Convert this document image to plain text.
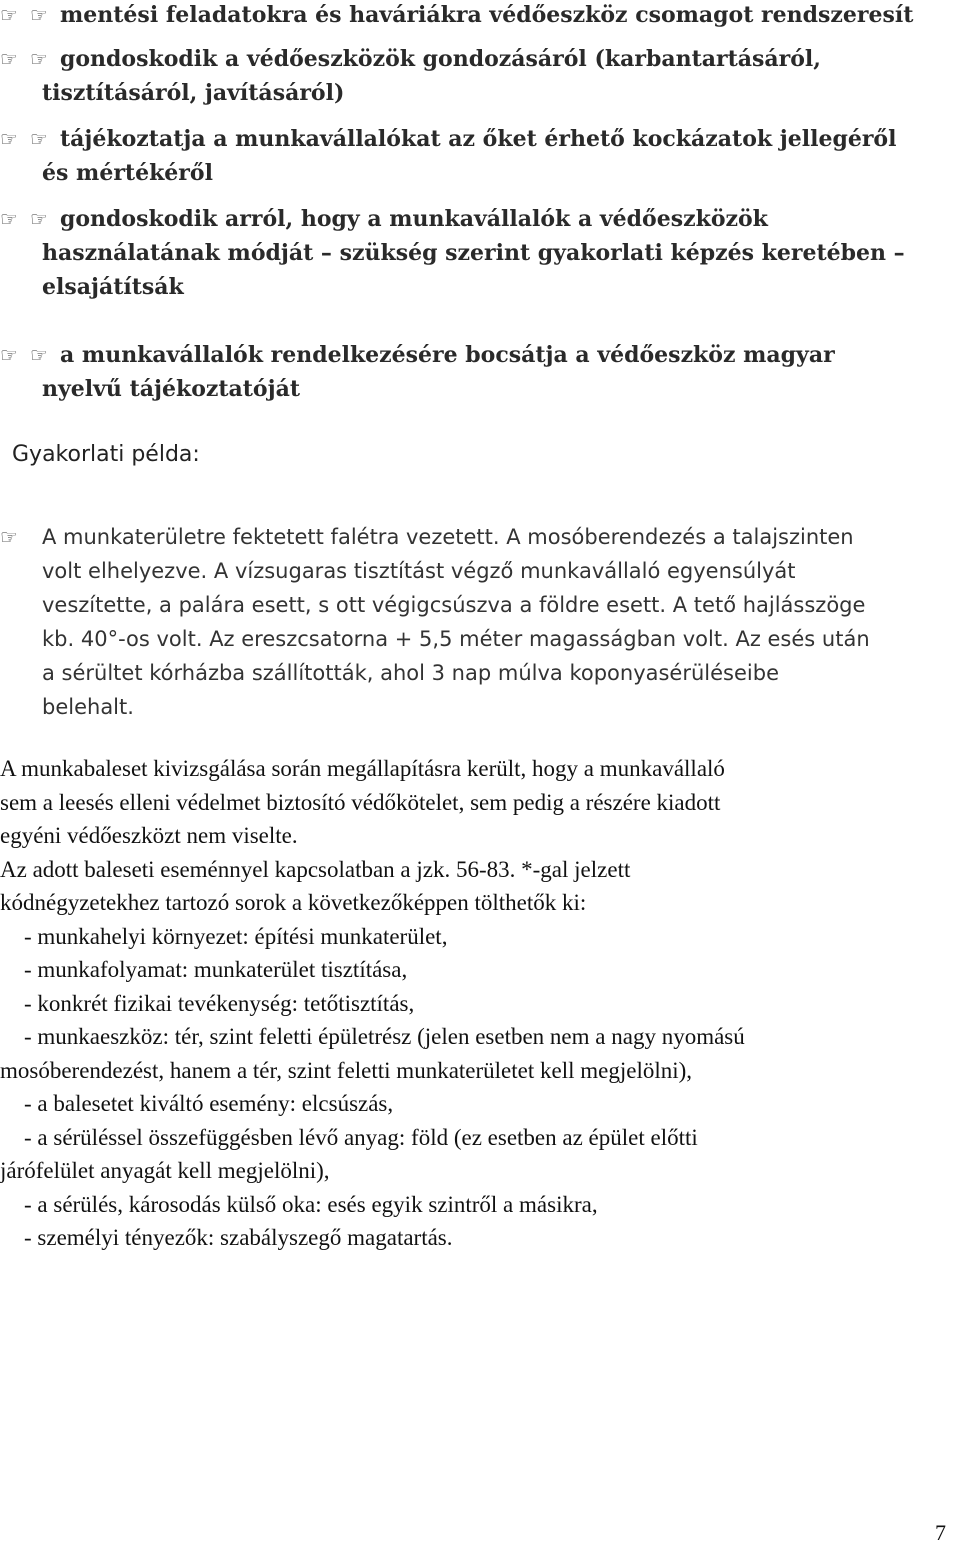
☞ ☞ mentési feladatokra és haváriákra védőeszköz csomagot rendszeresít
☞ ☞ gondoskodik a védőeszközök gondozásáról (karbantartásáról,
tisztításáról, javításáról)
☞ ☞ tájékoztatja a munkavállalókat az őket érhető kockázatok jellegéről
és mértékéről
☞ ☞ gondoskodik arról, hogy a munkavállalók a védőeszközök
használatának módját – szükség szerint gyakorlati képzés keretében –
elsajátítsák
☞ ☞ a munkavállalók rendelkezésére bocsátja a védőeszköz magyar
nyelvű tájékoztatóját
Gyakorlati példa:
☞ A munkaterületre fektetett falétra vezetett. A mosóberendezés a talajszinten
volt elhelyezve. A vízsugaras tisztítást végző munkavállaló egyensúlyát
veszítette, a palára esett, s ott végigcsúszva a földre esett. A tető hajlásszöge
kb. 40°-os volt. Az ereszcsatorna + 5,5 méter magasságban volt. Az esés után
a sérültet kórházba szállították, ahol 3 nap múlva koponyasérüléseibe
belehalt.
A munkabaleset kivizsgálása során megállapításra került, hogy a munkavállaló
sem a leesés elleni védelmet biztosító védőkötelet, sem pedig a részére kiadott
egyéni védőeszközt nem viselte.
Az adott baleseti eseménnyel kapcsolatban a jzk. 56-83. *-gal jelzett
kódnégyzetekhez tartozó sorok a következőképpen tölthetők ki:
- munkahelyi környezet: építési munkaterület,
- munkafolyamat: munkaterület tisztítása,
- konkrét fizikai tevékenység: tetőtisztítás,
- munkaeszköz: tér, szint feletti épületrész (jelen esetben nem a nagy nyomású
mosóberendezést, hanem a tér, szint feletti munkaterületet kell megjelölni),
- a balesetet kiváltó esemény: elcsúszás,
- a sérüléssel összefüggésben lévő anyag: föld (ez esetben az épület előtti
járófelület anyagát kell megjelölni),
- a sérülés, károsodás külső oka: esés egyik szintről a másikra,
- személyi tényezők: szabályszegő magatartás.
7
